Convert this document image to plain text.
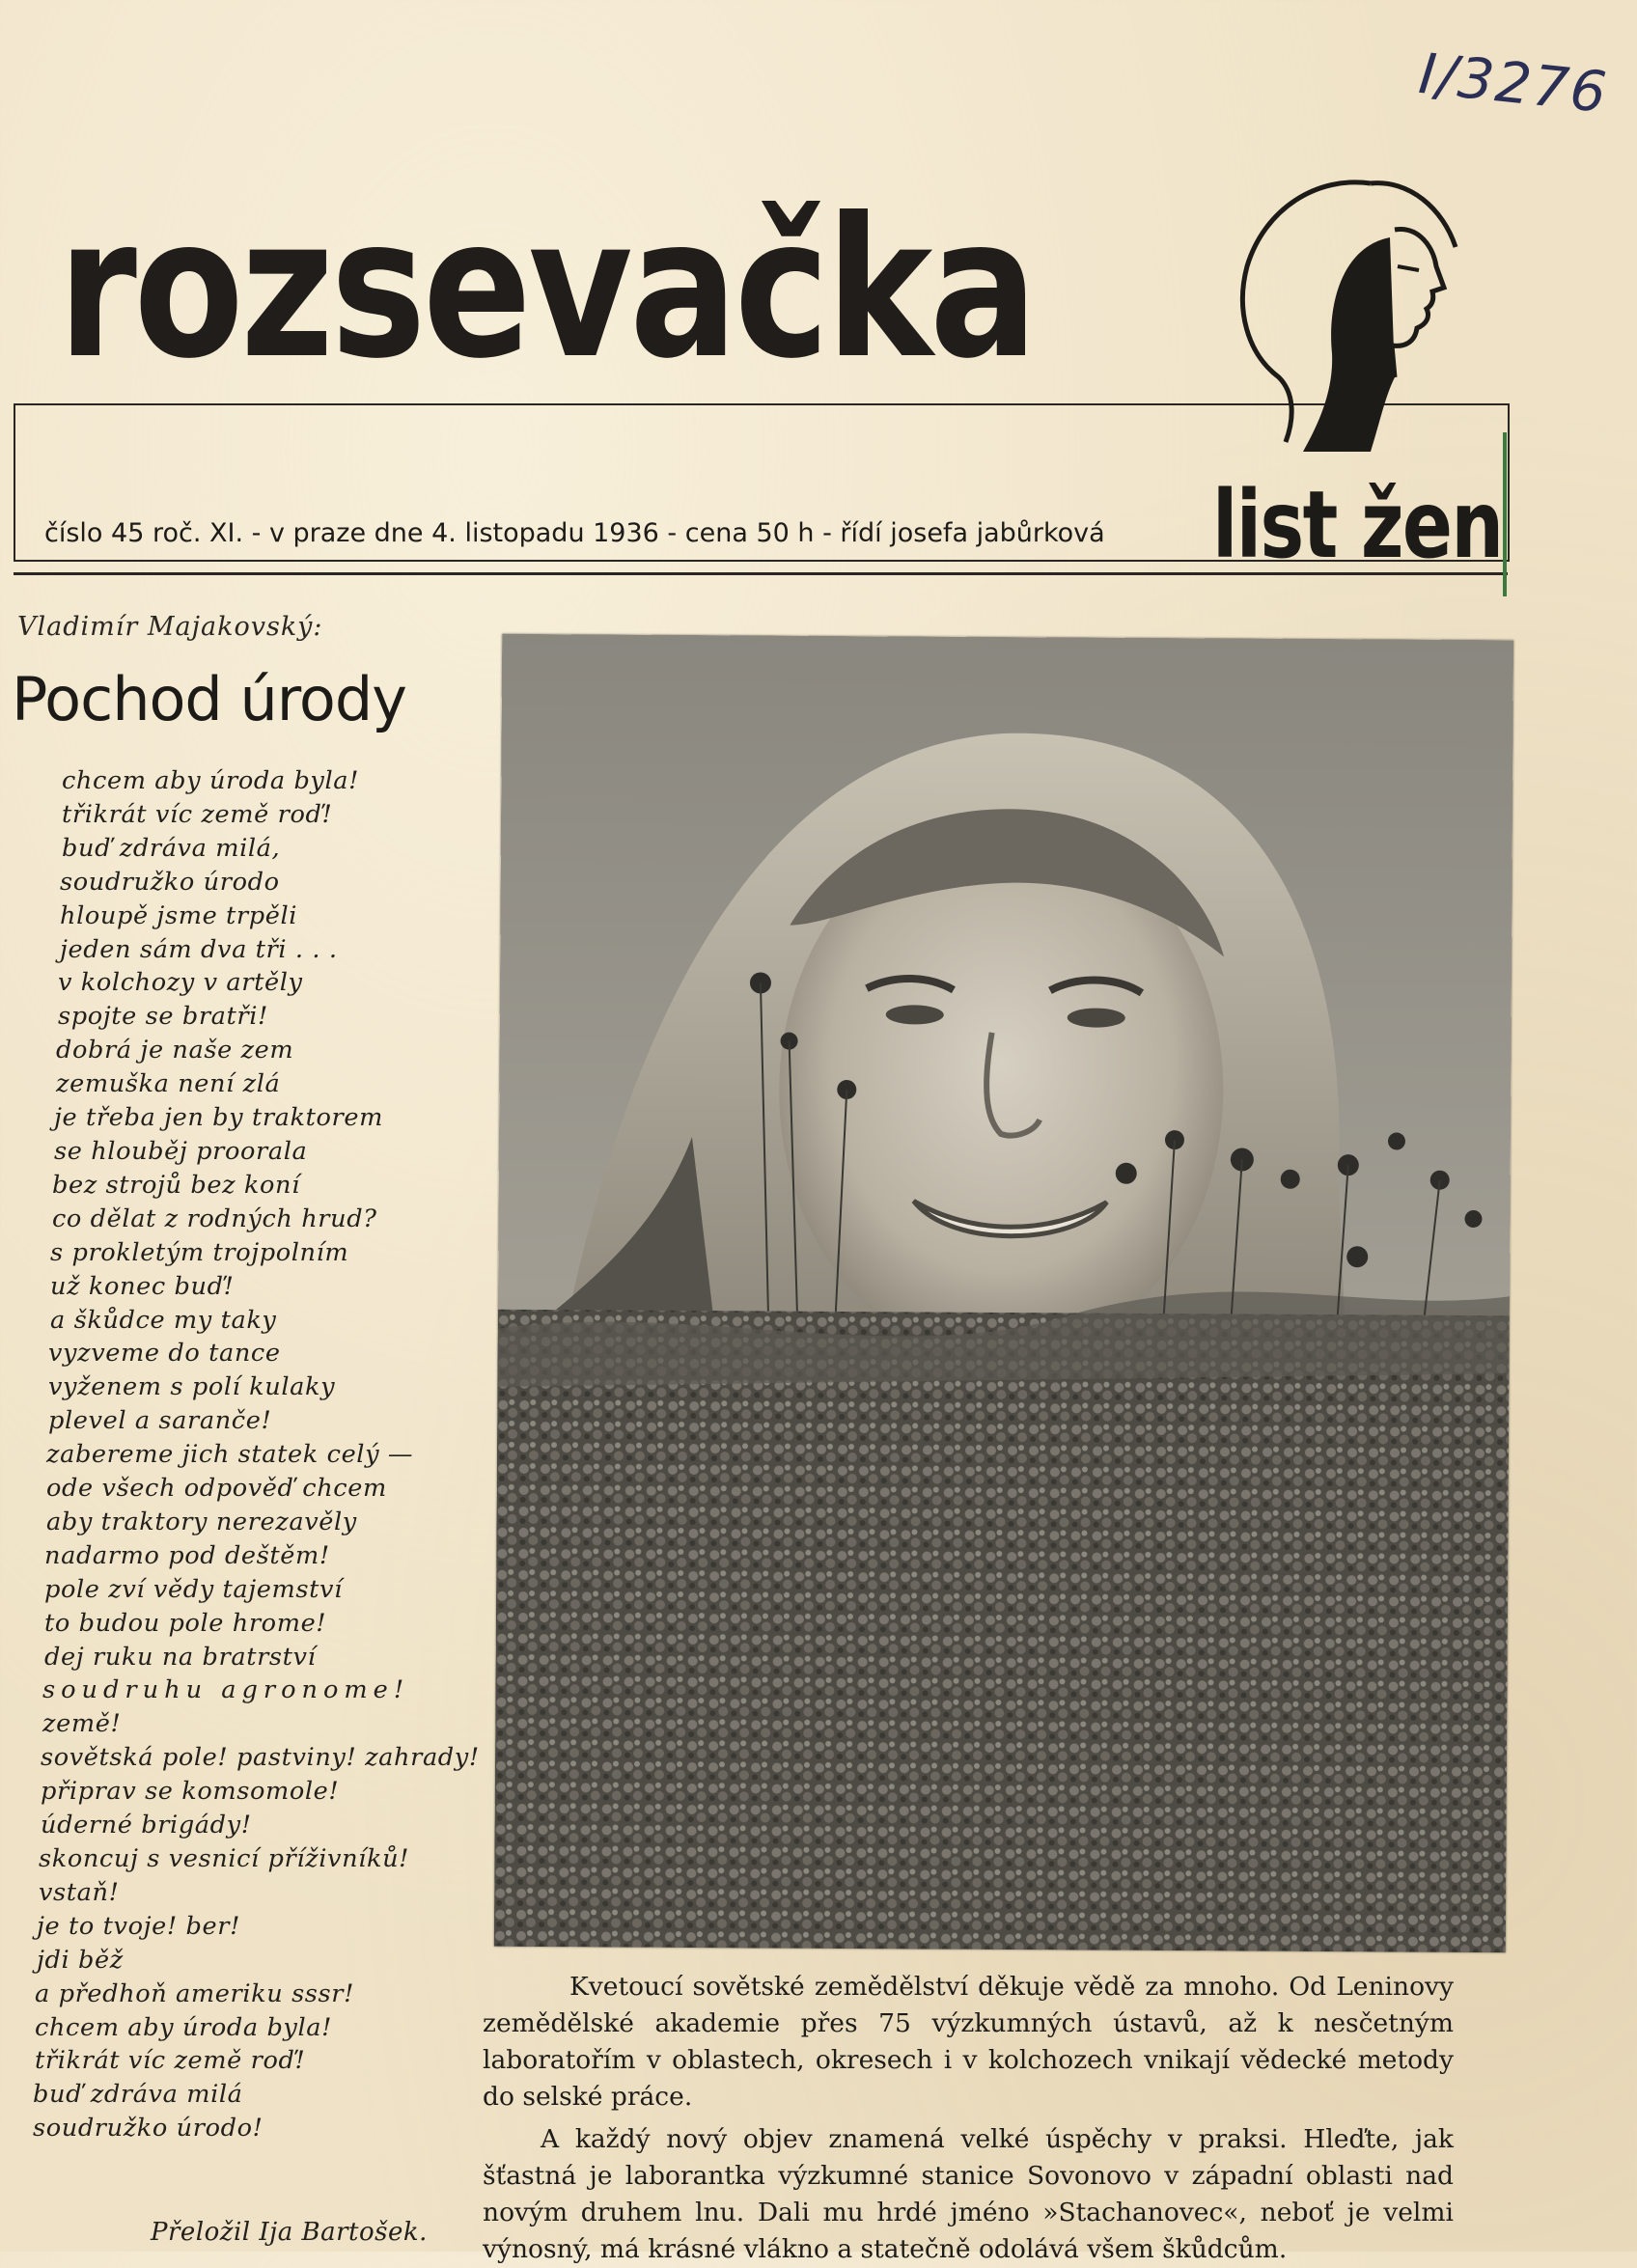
I/3276
rozsevačka
list žen
číslo 45 roč. XI. - v praze dne 4. listopadu 1936 - cena 50 h - řídí josefa jabůrková
Vladimír Majakovský:
Pochod úrody
chcem aby úroda byla!
třikrát víc země roď!
buď zdráva milá,
soudružko úrodo
hloupě jsme trpěli
jeden sám dva tři . . .
v kolchozy v artěly
spojte se bratři!
dobrá je naše zem
zemuška není zlá
je třeba jen by traktorem
se hlouběj proorala
bez strojů bez koní
co dělat z rodných hrud?
s prokletým trojpolním
už konec buď!
a škůdce my taky
vyzveme do tance
vyženem s polí kulaky
plevel a saranče!
zabereme jich statek celý —
ode všech odpověď chcem
aby traktory nerezavěly
nadarmo pod deštěm!
pole zví vědy tajemství
to budou pole hrome!
dej ruku na bratrství
soudruhu agronome!
země!
sovětská pole! pastviny! zahrady!
připrav se komsomole!
úderné brigády!
skoncuj s vesnicí příživníků!
vstaň!
je to tvoje! ber!
jdi běž
a předhoň ameriku sssr!
chcem aby úroda byla!
třikrát víc země roď!
buď zdráva milá
soudružko úrodo!
Přeložil Ija Bartošek.

Kvetoucí sovětské zemědělství děkuje vědě za mnoho. Od Leninovy zemědělské akademie přes 75 výzkumných ústavů, až k nesčetným laboratořím v oblastech, okresech i v kolchozech vnikají vědecké metody do selské práce.

A každý nový objev znamená velké úspěchy v praksi. Hleďte, jak šťastná je laborantka výzkumné stanice Sovonovo v západní oblasti nad novým druhem lnu. Dali mu hrdé jméno »Stachanovec«, neboť je velmi výnosný, má krásné vlákno a statečně odolává všem škůdcům.
